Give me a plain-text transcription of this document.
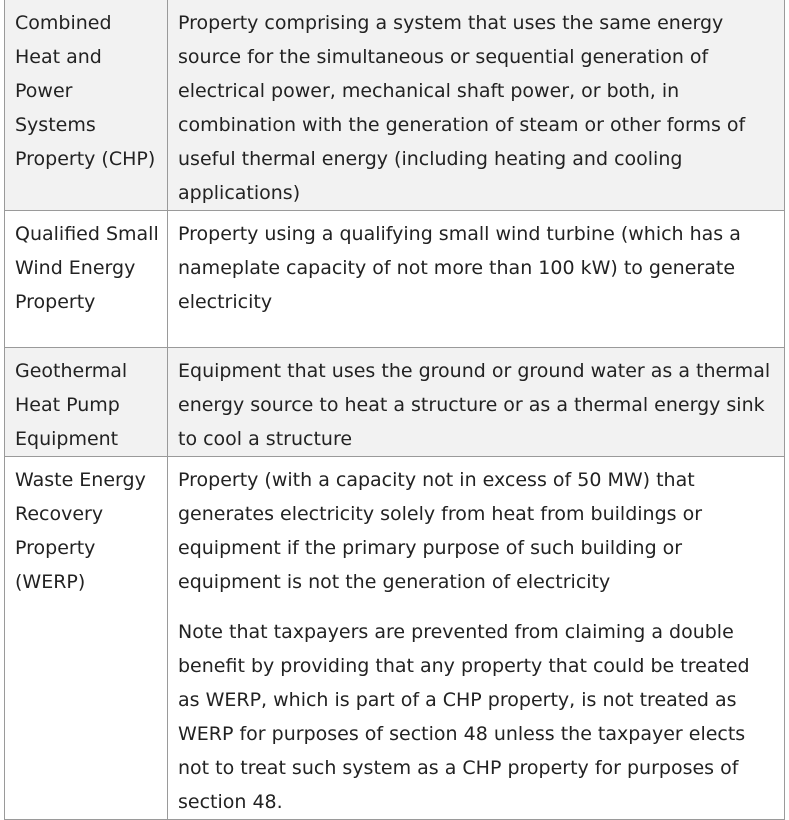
Combined Heat and Power Systems Property (CHP)	Property comprising a system that uses the same energy source for the simultaneous or sequential generation of electrical power, mechanical shaft power, or both, in combination with the generation of steam or other forms of useful thermal energy (including heating and cooling applications)

Qualified Small Wind Energy Property	Property using a qualifying small wind turbine (which has a nameplate capacity of not more than 100 kW) to generate electricity

Geothermal Heat Pump Equipment	Equipment that uses the ground or ground water as a thermal energy source to heat a structure or as a thermal energy sink to cool a structure

Waste Energy Recovery Property (WERP)	Property (with a capacity not in excess of 50 MW) that generates electricity solely from heat from buildings or equipment if the primary purpose of such building or equipment is not the generation of electricity

Note that taxpayers are prevented from claiming a double benefit by providing that any property that could be treated as WERP, which is part of a CHP property, is not treated as WERP for purposes of section 48 unless the taxpayer elects not to treat such system as a CHP property for purposes of section 48.
